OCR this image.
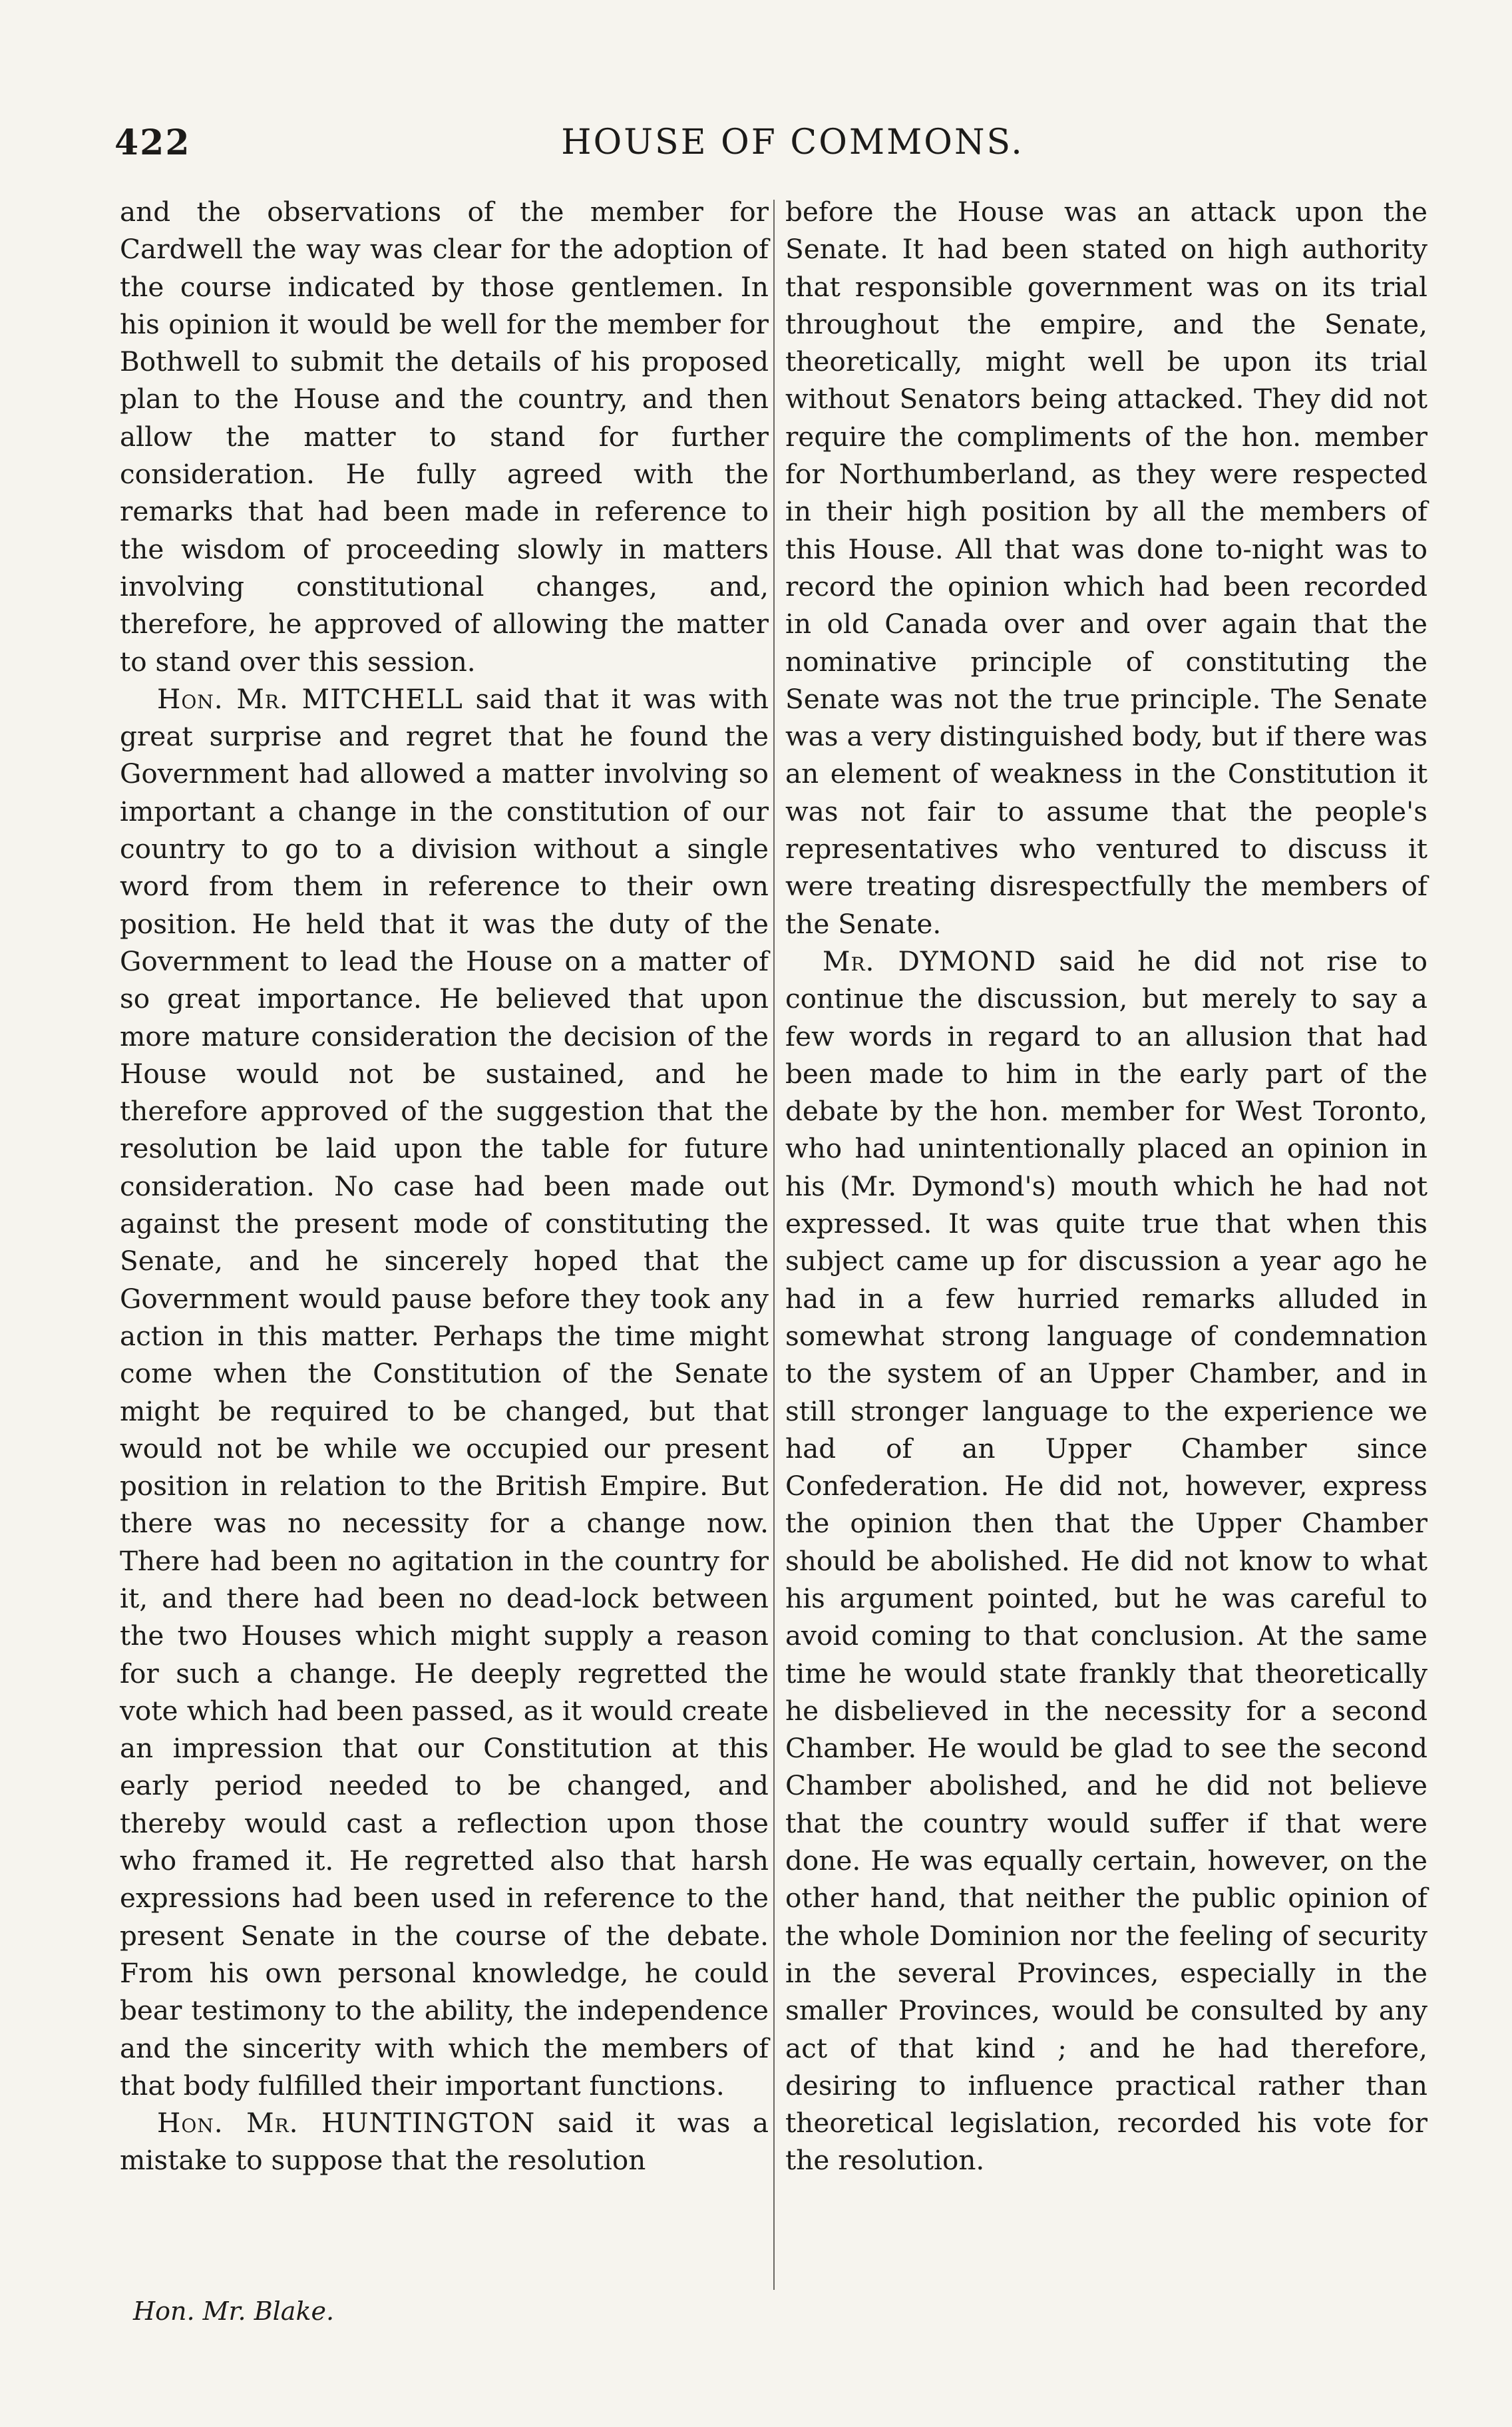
422	HOUSE OF COMMONS.

and the observations of the member for Cardwell the way was clear for the adoption of the course indicated by those gentlemen. In his opinion it would be well for the member for Bothwell to submit the details of his proposed plan to the House and the country, and then allow the matter to stand for further consideration. He fully agreed with the remarks that had been made in reference to the wisdom of proceeding slowly in matters involving constitutional changes, and, therefore, he approved of allowing the matter to stand over this session.

Hon. Mr. MITCHELL said that it was with great surprise and regret that he found the Government had allowed a matter involving so important a change in the constitution of our country to go to a division without a single word from them in reference to their own position. He held that it was the duty of the Government to lead the House on a matter of so great importance. He believed that upon more mature consideration the decision of the House would not be sustained, and he therefore approved of the suggestion that the resolution be laid upon the table for future consideration. No case had been made out against the present mode of constituting the Senate, and he sincerely hoped that the Government would pause before they took any action in this matter. Perhaps the time might come when the Constitution of the Senate might be required to be changed, but that would not be while we occupied our present position in relation to the British Empire. But there was no necessity for a change now. There had been no agitation in the country for it, and there had been no dead-lock between the two Houses which might supply a reason for such a change. He deeply regretted the vote which had been passed, as it would create an impression that our Constitution at this early period needed to be changed, and thereby would cast a reflection upon those who framed it. He regretted also that harsh expressions had been used in reference to the present Senate in the course of the debate. From his own personal knowledge, he could bear testimony to the ability, the independence and the sincerity with which the members of that body fulfilled their important functions.

Hon. Mr. HUNTINGTON said it was a mistake to suppose that the resolution

before the House was an attack upon the Senate. It had been stated on high authority that responsible government was on its trial throughout the empire, and the Senate, theoretically, might well be upon its trial without Senators being attacked. They did not require the compliments of the hon. member for Northumberland, as they were respected in their high position by all the members of this House. All that was done to-night was to record the opinion which had been recorded in old Canada over and over again that the nominative principle of constituting the Senate was not the true principle. The Senate was a very distinguished body, but if there was an element of weakness in the Constitution it was not fair to assume that the people's representatives who ventured to discuss it were treating disrespectfully the members of the Senate.

Mr. DYMOND said he did not rise to continue the discussion, but merely to say a few words in regard to an allusion that had been made to him in the early part of the debate by the hon. member for West Toronto, who had unintentionally placed an opinion in his (Mr. Dymond's) mouth which he had not expressed. It was quite true that when this subject came up for discussion a year ago he had in a few hurried remarks alluded in somewhat strong language of condemnation to the system of an Upper Chamber, and in still stronger language to the experience we had of an Upper Chamber since Confederation. He did not, however, express the opinion then that the Upper Chamber should be abolished. He did not know to what his argument pointed, but he was careful to avoid coming to that conclusion. At the same time he would state frankly that theoretically he disbelieved in the necessity for a second Chamber. He would be glad to see the second Chamber abolished, and he did not believe that the country would suffer if that were done. He was equally certain, however, on the other hand, that neither the public opinion of the whole Dominion nor the feeling of security in the several Provinces, especially in the smaller Provinces, would be consulted by any act of that kind ; and he had therefore, desiring to influence practical rather than theoretical legislation, recorded his vote for the resolution.

Hon. Mr. Blake.
